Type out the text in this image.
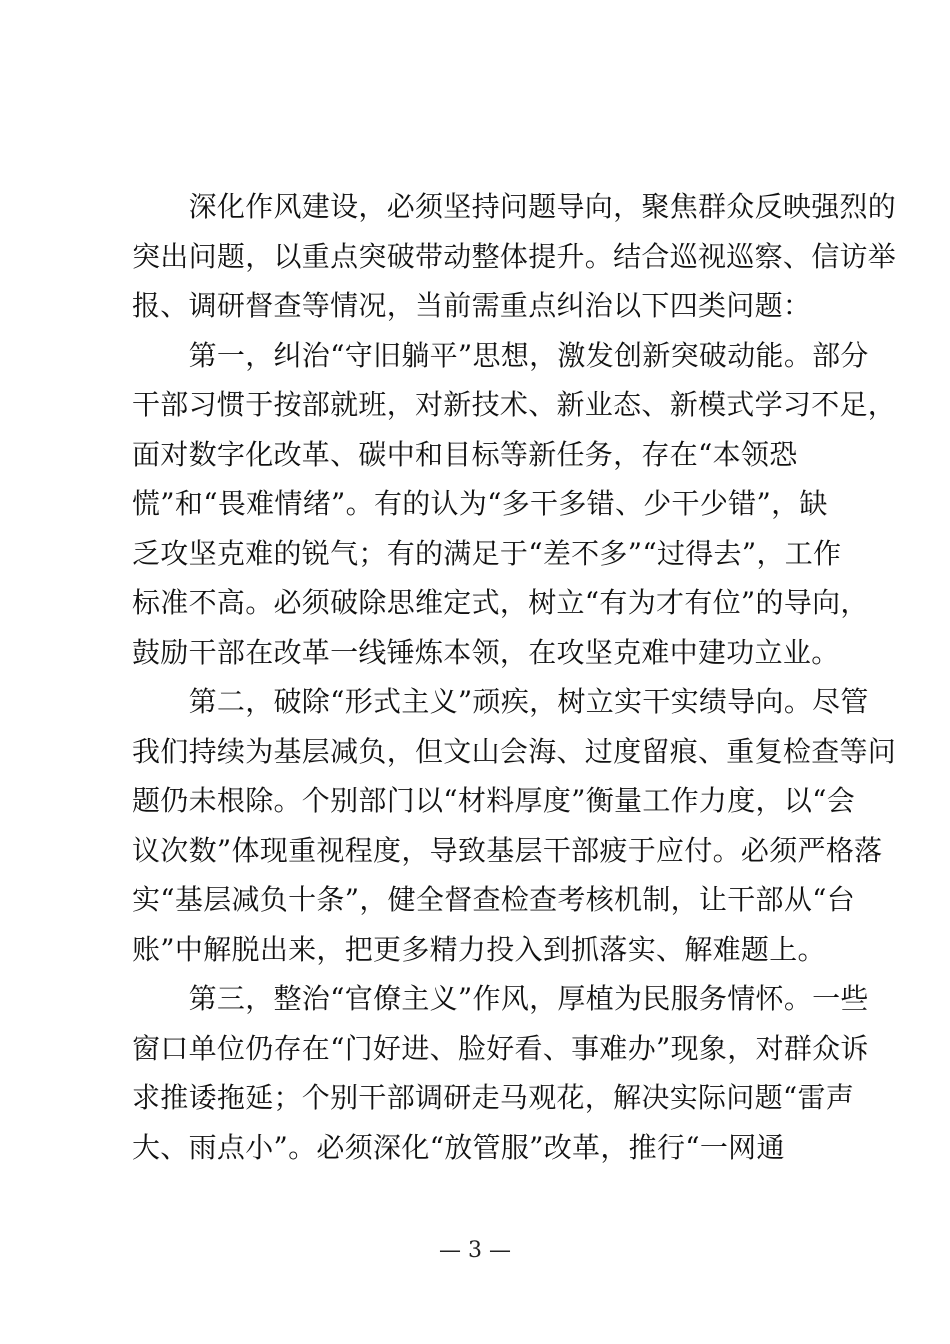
　　深化作风建设，必须坚持问题导向，聚焦群众反映强烈的
突出问题，以重点突破带动整体提升。结合巡视巡察、信访举
报、调研督查等情况，当前需重点纠治以下四类问题：
　　第一，纠治“守旧躺平”思想，激发创新突破动能。部分
干部习惯于按部就班，对新技术、新业态、新模式学习不足，
面对数字化改革、碳中和目标等新任务，存在“本领恐
慌”和“畏难情绪”。有的认为“多干多错、少干少错”，缺
乏攻坚克难的锐气；有的满足于“差不多”“过得去”，工作
标准不高。必须破除思维定式，树立“有为才有位”的导向，
鼓励干部在改革一线锤炼本领，在攻坚克难中建功立业。
　　第二，破除“形式主义”顽疾，树立实干实绩导向。尽管
我们持续为基层减负，但文山会海、过度留痕、重复检查等问
题仍未根除。个别部门以“材料厚度”衡量工作力度，以“会
议次数”体现重视程度，导致基层干部疲于应付。必须严格落
实“基层减负十条”，健全督查检查考核机制，让干部从“台
账”中解脱出来，把更多精力投入到抓落实、解难题上。
　　第三，整治“官僚主义”作风，厚植为民服务情怀。一些
窗口单位仍存在“门好进、脸好看、事难办”现象，对群众诉
求推诿拖延；个别干部调研走马观花，解决实际问题“雷声
大、雨点小”。必须深化“放管服”改革，推行“一网通
— 3 —
